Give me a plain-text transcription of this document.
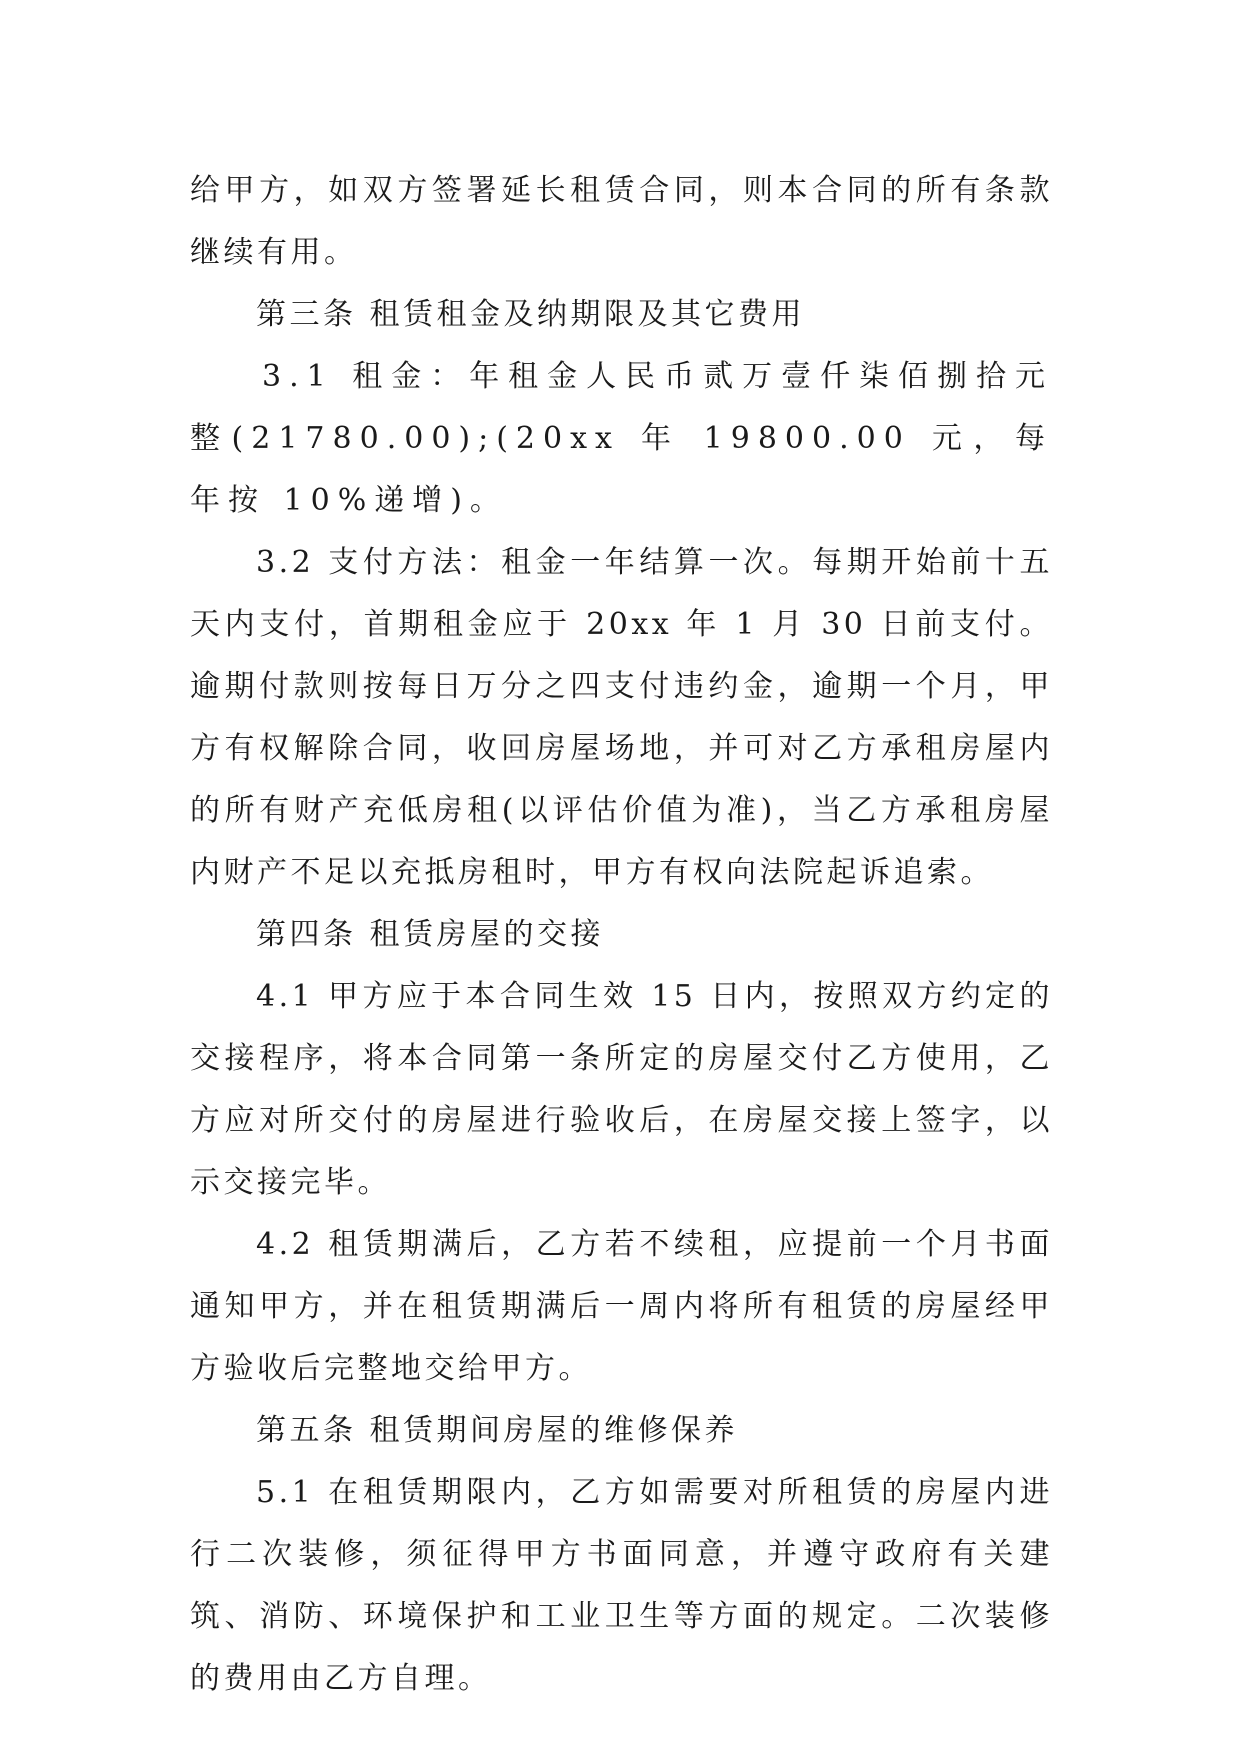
给甲方，如双方签署延长租赁合同，则本合同的所有条款继续有用。

第三条 租赁租金及纳期限及其它费用

3.1 租金：年租金人民币贰万壹仟柒佰捌拾元整(21780.00);(20xx 年 19800.00 元，每年按 10%递增)。

3.2 支付方法：租金一年结算一次。每期开始前十五天内支付，首期租金应于 20xx 年 1 月 30 日前支付。逾期付款则按每日万分之四支付违约金，逾期一个月，甲方有权解除合同，收回房屋场地，并可对乙方承租房屋内的所有财产充低房租(以评估价值为准)，当乙方承租房屋内财产不足以充抵房租时，甲方有权向法院起诉追索。

第四条 租赁房屋的交接

4.1 甲方应于本合同生效 15 日内，按照双方约定的交接程序，将本合同第一条所定的房屋交付乙方使用，乙方应对所交付的房屋进行验收后，在房屋交接上签字，以示交接完毕。

4.2 租赁期满后，乙方若不续租，应提前一个月书面通知甲方，并在租赁期满后一周内将所有租赁的房屋经甲方验收后完整地交给甲方。

第五条 租赁期间房屋的维修保养

5.1 在租赁期限内，乙方如需要对所租赁的房屋内进行二次装修，须征得甲方书面同意，并遵守政府有关建筑、消防、环境保护和工业卫生等方面的规定。二次装修的费用由乙方自理。
